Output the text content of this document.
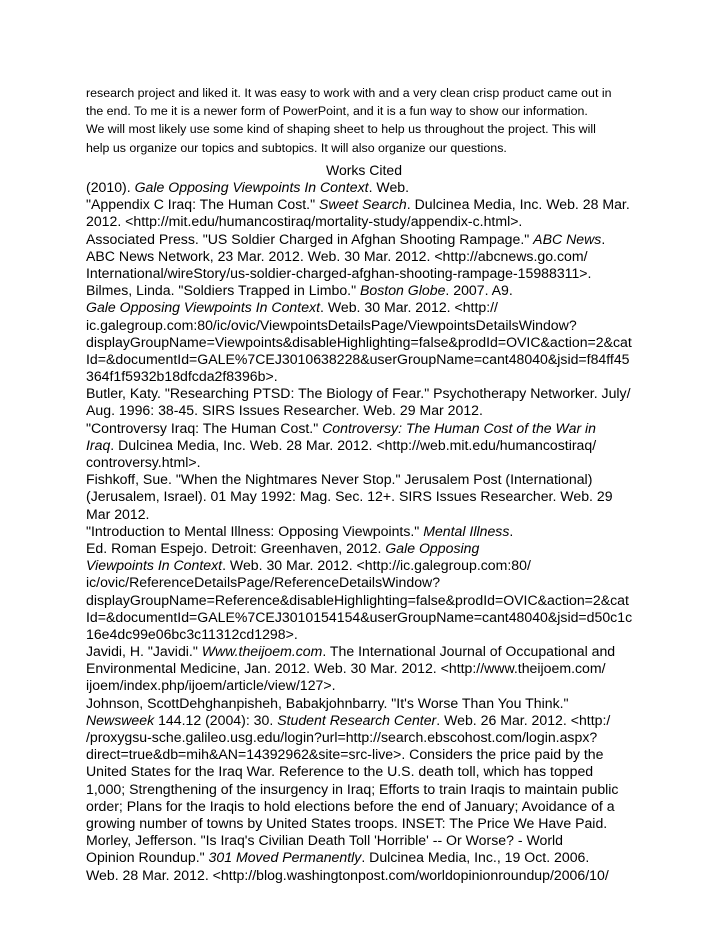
research project and liked it. It was easy to work with and a very clean crisp product came out in
the end. To me it is a newer form of PowerPoint, and it is a fun way to show our information.
We will most likely use some kind of shaping sheet to help us throughout the project. This will
help us organize our topics and subtopics. It will also organize our questions.
Works Cited
(2010). Gale Opposing Viewpoints In Context. Web.
"Appendix C Iraq: The Human Cost." Sweet Search. Dulcinea Media, Inc. Web. 28 Mar.
2012. <http://mit.edu/humancostiraq/mortality-study/appendix-c.html>.
Associated Press. "US Soldier Charged in Afghan Shooting Rampage." ABC News.
ABC News Network, 23 Mar. 2012. Web. 30 Mar. 2012. <http://abcnews.go.com/
International/wireStory/us-soldier-charged-afghan-shooting-rampage-15988311>.
Bilmes, Linda. "Soldiers Trapped in Limbo." Boston Globe. 2007. A9.
Gale Opposing Viewpoints In Context. Web. 30 Mar. 2012. <http://
ic.galegroup.com:80/ic/ovic/ViewpointsDetailsPage/ViewpointsDetailsWindow?
displayGroupName=Viewpoints&disableHighlighting=false&prodId=OVIC&action=2&cat
Id=&documentId=GALE%7CEJ3010638228&userGroupName=cant48040&jsid=f84ff45
364f1f5932b18dfcda2f8396b>.
Butler, Katy. "Researching PTSD: The Biology of Fear." Psychotherapy Networker. July/
Aug. 1996: 38-45. SIRS Issues Researcher. Web. 29 Mar 2012.
"Controversy Iraq: The Human Cost." Controversy: The Human Cost of the War in
Iraq. Dulcinea Media, Inc. Web. 28 Mar. 2012. <http://web.mit.edu/humancostiraq/
controversy.html>.
Fishkoff, Sue. "When the Nightmares Never Stop." Jerusalem Post (International)
(Jerusalem, Israel). 01 May 1992: Mag. Sec. 12+. SIRS Issues Researcher. Web. 29
Mar 2012.
"Introduction to Mental Illness: Opposing Viewpoints." Mental Illness.
Ed. Roman Espejo. Detroit: Greenhaven, 2012. Gale Opposing
Viewpoints In Context. Web. 30 Mar. 2012. <http://ic.galegroup.com:80/
ic/ovic/ReferenceDetailsPage/ReferenceDetailsWindow?
displayGroupName=Reference&disableHighlighting=false&prodId=OVIC&action=2&cat
Id=&documentId=GALE%7CEJ3010154154&userGroupName=cant48040&jsid=d50c1c
16e4dc99e06bc3c11312cd1298>.
Javidi, H. "Javidi." Www.theijoem.com. The International Journal of Occupational and
Environmental Medicine, Jan. 2012. Web. 30 Mar. 2012. <http://www.theijoem.com/
ijoem/index.php/ijoem/article/view/127>.
Johnson, ScottDehghanpisheh, Babakjohnbarry. "It's Worse Than You Think."
Newsweek 144.12 (2004): 30. Student Research Center. Web. 26 Mar. 2012. <http:/
/proxygsu-sche.galileo.usg.edu/login?url=http://search.ebscohost.com/login.aspx?
direct=true&db=mih&AN=14392962&site=src-live>. Considers the price paid by the
United States for the Iraq War. Reference to the U.S. death toll, which has topped
1,000; Strengthening of the insurgency in Iraq; Efforts to train Iraqis to maintain public
order; Plans for the Iraqis to hold elections before the end of January; Avoidance of a
growing number of towns by United States troops. INSET: The Price We Have Paid.
Morley, Jefferson. "Is Iraq's Civilian Death Toll 'Horrible' -- Or Worse? - World
Opinion Roundup." 301 Moved Permanently. Dulcinea Media, Inc., 19 Oct. 2006.
Web. 28 Mar. 2012. <http://blog.washingtonpost.com/worldopinionroundup/2006/10/
